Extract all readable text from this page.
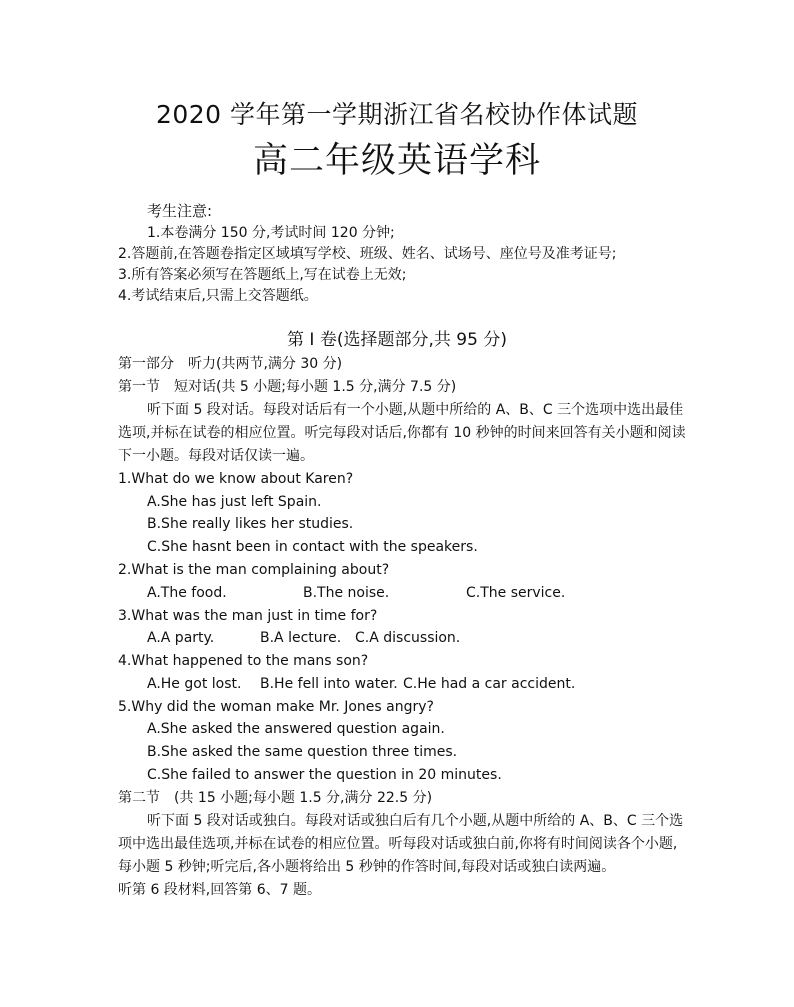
2020 学年第一学期浙江省名校协作体试题
高二年级英语学科
考生注意:
1.本卷满分 150 分,考试时间 120 分钟;
2.答题前,在答题卷指定区域填写学校、班级、姓名、试场号、座位号及准考证号;
3.所有答案必须写在答题纸上,写在试卷上无效;
4.考试结束后,只需上交答题纸。
第 I 卷(选择题部分,共 95 分)
第一部分　听力(共两节,满分 30 分)
第一节　短对话(共 5 小题;每小题 1.5 分,满分 7.5 分)
听下面 5 段对话。每段对话后有一个小题,从题中所给的 A、B、C 三个选项中选出最佳
选项,并标在试卷的相应位置。听完每段对话后,你都有 10 秒钟的时间来回答有关小题和阅读
下一小题。每段对话仅读一遍。
1.What do we know about Karen?
A.She has just left Spain.
B.She really likes her studies.
C.She hasnt been in contact with the speakers.
2.What is the man complaining about?
A.The food.	B.The noise.	C.The service.
3.What was the man just in time for?
A.A party.	B.A lecture. C.A discussion.
4.What happened to the mans son?
A.He got lost. B.He fell into water. C.He had a car accident.
5.Why did the woman make Mr. Jones angry?
A.She asked the answered question again.
B.She asked the same question three times.
C.She failed to answer the question in 20 minutes.
第二节　(共 15 小题;每小题 1.5 分,满分 22.5 分)
听下面 5 段对话或独白。每段对话或独白后有几个小题,从题中所给的 A、B、C 三个选
项中选出最佳选项,并标在试卷的相应位置。听每段对话或独白前,你将有时间阅读各个小题,
每小题 5 秒钟;听完后,各小题将给出 5 秒钟的作答时间,每段对话或独白读两遍。
听第 6 段材料,回答第 6、7 题。
